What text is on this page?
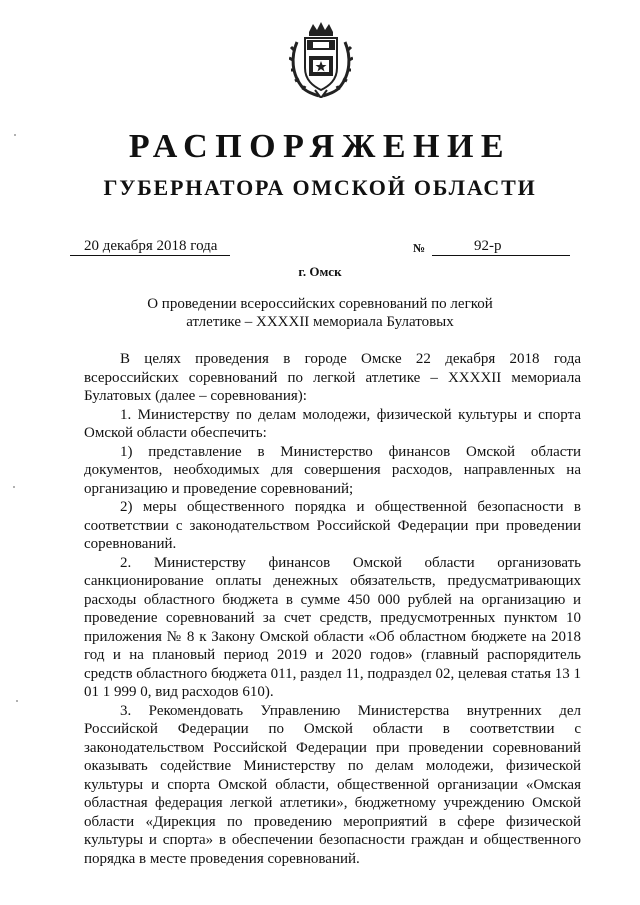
РАСПОРЯЖЕНИЕ
ГУБЕРНАТОРА ОМСКОЙ ОБЛАСТИ
20 декабря 2018 года	№	92-р
г. Омск
О проведении всероссийских соревнований по легкой
атлетике – XXXXII мемориала Булатовых

В целях проведения в городе Омске 22 декабря 2018 года всероссийских соревнований по легкой атлетике – XXXXII мемориала Булатовых (далее – соревнования):

1. Министерству по делам молодежи, физической культуры и спорта Омской области обеспечить:

1) представление в Министерство финансов Омской области документов, необходимых для совершения расходов, направленных на организацию и проведение соревнований;

2) меры общественного порядка и общественной безопасности в соответствии с законодательством Российской Федерации при проведении соревнований.

2. Министерству финансов Омской области организовать санкционирование оплаты денежных обязательств, предусматривающих расходы областного бюджета в сумме 450 000 рублей на организацию и проведение соревнований за счет средств, предусмотренных пунктом 10 приложения № 8 к Закону Омской области «Об областном бюджете на 2018 год и на плановый период 2019 и 2020 годов» (главный распорядитель средств областного бюджета 011, раздел 11, подраздел 02, целевая статья 13 1 01 1 999 0, вид расходов 610).

3. Рекомендовать Управлению Министерства внутренних дел Российской Федерации по Омской области в соответствии с законодательством Российской Федерации при проведении соревнований оказывать содействие Министерству по делам молодежи, физической культуры и спорта Омской области, общественной организации «Омская областная федерация легкой атлетики», бюджетному учреждению Омской области «Дирекция по проведению мероприятий в сфере физической культуры и спорта» в обеспечении безопасности граждан и общественного порядка в месте проведения соревнований.
